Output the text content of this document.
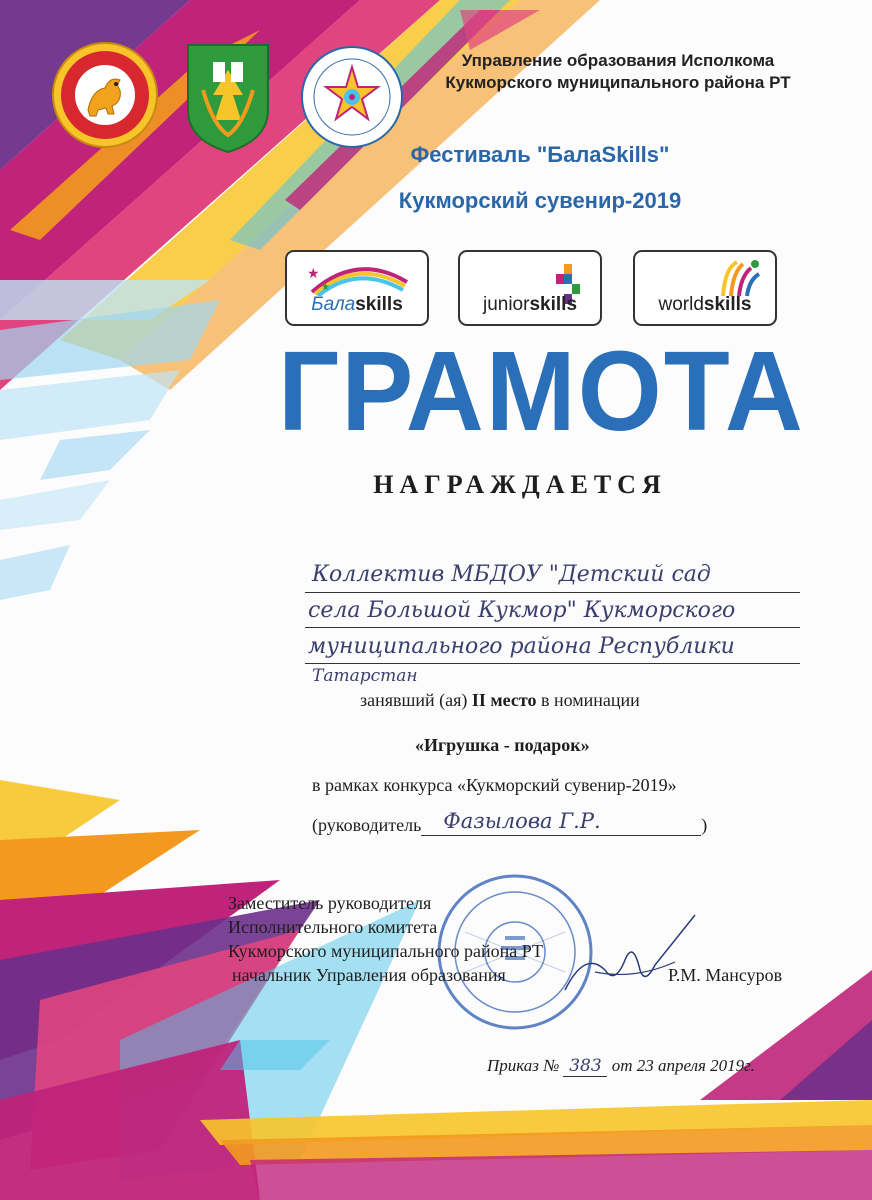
Управление образования Исполкома
Кукморского муниципального района РТ
Фестиваль "БалаSkills"
Кукморский сувенир-2019
★
★
Балаskills	juniorskills	worldskills
ГРАМОТА
НАГРАЖДАЕТСЯ
Коллектив МБДОУ "Детский сад
села Большой Кукмор" Кукморского
муниципального района Республики
Татарстан
занявший (ая) II место в номинации
«Игрушка - подарок»
в рамках конкурса «Кукморский сувенир-2019»
(руководитель Фазылова Г.Р.	)
Заместитель руководителя
Исполнительного комитета
Кукморского муниципального района РТ
начальник Управления образования	Р.М. Мансуров
Приказ № 383 от 23 апреля 2019г.
